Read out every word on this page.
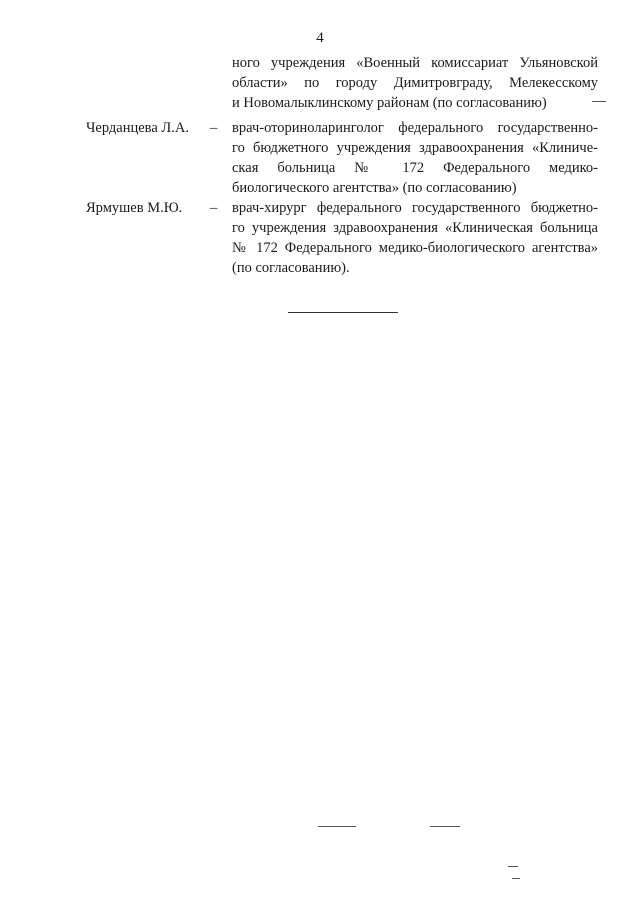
4
ного учреждения «Военный комиссариат Ульяновской
области» по городу Димитровграду, Мелекесскому
и Новомалыклинскому районам (по согласованию)
Черданцева Л.А. – врач-оториноларинголог федерального государственно-
го бюджетного учреждения здравоохранения «Клиниче-
ская больница № 172 Федерального медико-
биологического агентства» (по согласованию)
Ярмушев М.Ю. – врач-хирург федерального государственного бюджетно-
го учреждения здравоохранения «Клиническая больница
№ 172 Федерального медико-биологического агентства»
(по согласованию).
